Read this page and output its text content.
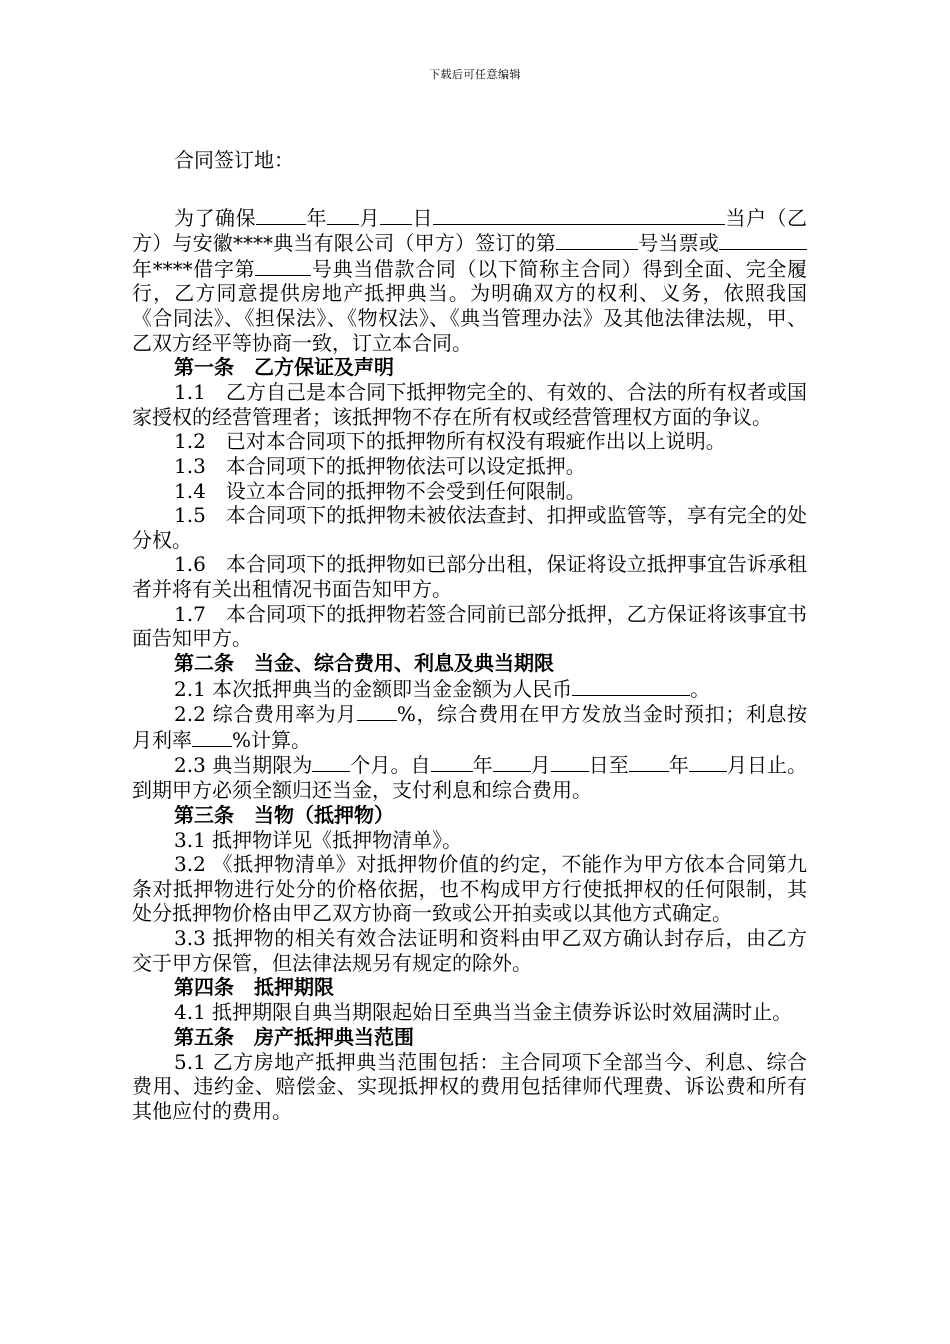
下载后可任意编辑

合同签订地：

为了确保	年 月 日	当户（乙方）与安徽****典当有限公司（甲方）签订的第	号当票或年****借字第	号典当借款合同（以下简称主合同）得到全面、完全履行，乙方同意提供房地产抵押典当。为明确双方的权利、义务，依照我国《合同法》、《担保法》、《物权法》、《典当管理办法》及其他法律法规，甲、乙双方经平等协商一致，订立本合同。

第一条　乙方保证及声明

1.1　乙方自己是本合同下抵押物完全的、有效的、合法的所有权者或国家授权的经营管理者；该抵押物不存在所有权或经营管理权方面的争议。

1.2　已对本合同项下的抵押物所有权没有瑕疵作出以上说明。

1.3　本合同项下的抵押物依法可以设定抵押。

1.4　设立本合同的抵押物不会受到任何限制。

1.5　本合同项下的抵押物未被依法查封、扣押或监管等，享有完全的处分权。

1.6　本合同项下的抵押物如已部分出租，保证将设立抵押事宜告诉承租者并将有关出租情况书面告知甲方。

1.7　本合同项下的抵押物若签合同前已部分抵押，乙方保证将该事宜书面告知甲方。

第二条　当金、综合费用、利息及典当期限

2.1 本次抵押典当的金额即当金金额为人民币	。

2.2 综合费用率为月 %，综合费用在甲方发放当金时预扣；利息按月利率 %计算。

2.3 典当期限为 个月。自 年 月 日至 年 月日止。到期甲方必须全额归还当金，支付利息和综合费用。

第三条　当物（抵押物）

3.1 抵押物详见《抵押物清单》。

3.2 《抵押物清单》对抵押物价值的约定，不能作为甲方依本合同第九条对抵押物进行处分的价格依据，也不构成甲方行使抵押权的任何限制，其处分抵押物价格由甲乙双方协商一致或公开拍卖或以其他方式确定。

3.3 抵押物的相关有效合法证明和资料由甲乙双方确认封存后，由乙方交于甲方保管，但法律法规另有规定的除外。

第四条　抵押期限

4.1 抵押期限自典当期限起始日至典当当金主债券诉讼时效届满时止。

第五条　房产抵押典当范围

5.1 乙方房地产抵押典当范围包括：主合同项下全部当今、利息、综合费用、违约金、赔偿金、实现抵押权的费用包括律师代理费、诉讼费和所有其他应付的费用。
